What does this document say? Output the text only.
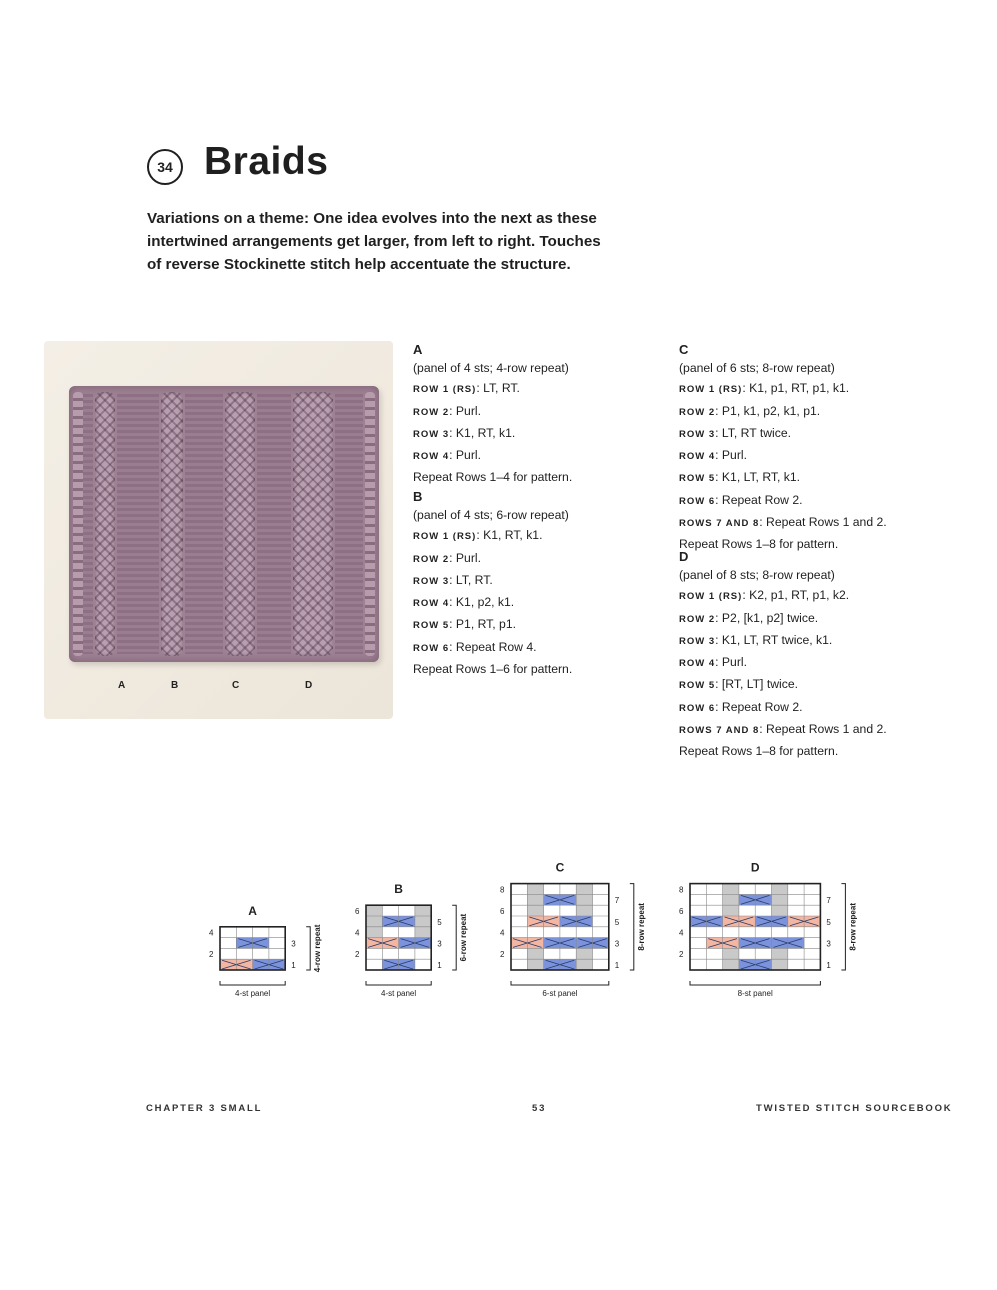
34 Braids

Variations on a theme: One idea evolves into the next as these
intertwined arrangements get larger, from left to right. Touches
of reverse Stockinette stitch help accentuate the structure.

A	B	C	D
A
(panel of 4 sts; 4-row repeat)
ROW 1 (RS): LT, RT.
ROW 2: Purl.
ROW 3: K1, RT, k1.
ROW 4: Purl.
Repeat Rows 1–4 for pattern.
B
(panel of 4 sts; 6-row repeat)
ROW 1 (RS): K1, RT, k1.
ROW 2: Purl.
ROW 3: LT, RT.
ROW 4: K1, p2, k1.
ROW 5: P1, RT, p1.
ROW 6: Repeat Row 4.
Repeat Rows 1–6 for pattern.
C
(panel of 6 sts; 8-row repeat)
ROW 1 (RS): K1, p1, RT, p1, k1.
ROW 2: P1, k1, p2, k1, p1.
ROW 3: LT, RT twice.
ROW 4: Purl.
ROW 5: K1, LT, RT, k1.
ROW 6: Repeat Row 2.
ROWS 7 AND 8: Repeat Rows 1 and 2.
Repeat Rows 1–8 for pattern.
D
(panel of 8 sts; 8-row repeat)
ROW 1 (RS): K2, p1, RT, p1, k2.
ROW 2: P2, [k1, p2] twice.
ROW 3: K1, LT, RT twice, k1.
ROW 4: Purl.
ROW 5: [RT, LT] twice.
ROW 6: Repeat Row 2.
ROWS 7 AND 8: Repeat Rows 1 and 2.
Repeat Rows 1–8 for pattern.
A
1
3
2
4
4-st panel
4-row repeat
B
1
3
5
2
4
6
4-st panel
6-row repeat
C
1
3
5
7
2
4
6
8
6-st panel
8-row repeat
D
1
3
5
7
2
4
6
8
8-st panel
8-row repeat
CHAPTER 3 SMALL	53	TWISTED STITCH SOURCEBOOK
